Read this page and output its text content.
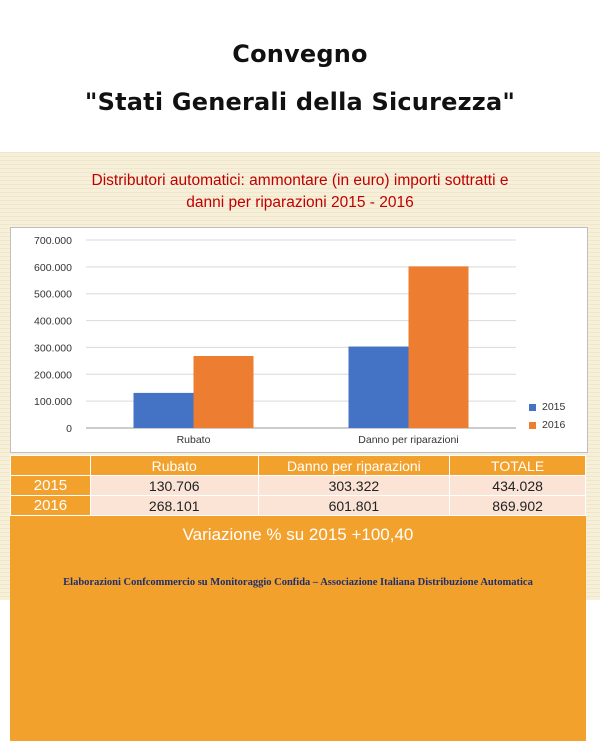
Convegno
"Stati Generali della Sicurezza"
Distributori automatici: ammontare (in euro) importi sottratti e
danni per riparazioni 2015 - 2016
0
100.000
200.000
300.000
400.000
500.000
600.000
700.000
Rubato	Danno per riparazioni
2015
2016
	Rubato	Danno per riparazioni	TOTALE
2015	130.706	303.322	434.028
2016	268.101	601.801	869.902
Variazione % su 2015 +100,40
Elaborazioni Confcommercio su Monitoraggio Confida – Associazione Italiana Distribuzione Automatica
